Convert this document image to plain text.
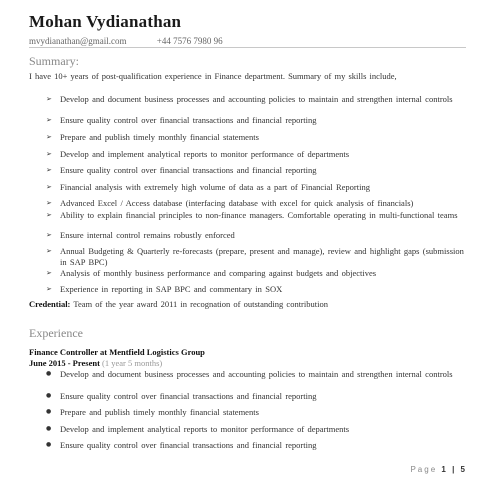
Mohan Vydianathan
mvydianathan@gmail.com	+44 7576 7980 96
Summary:
I have 10+ years of post-qualification experience in Finance department. Summary of my skills include,
➢ Develop and document business processes and accounting policies to maintain and strengthen internal controls
➢ Ensure quality control over financial transactions and financial reporting
➢ Prepare and publish timely monthly financial statements
➢ Develop and implement analytical reports to monitor performance of departments
➢ Ensure quality control over financial transactions and financial reporting
➢ Financial analysis with extremely high volume of data as a part of Financial Reporting
➢ Advanced Excel / Access database (interfacing database with excel for quick analysis of financials)
➢ Ability to explain financial principles to non-finance managers. Comfortable operating in multi-functional teams
➢ Ensure internal control remains robustly enforced
➢ Annual Budgeting & Quarterly re-forecasts (prepare, present and manage), review and highlight gaps (submission in SAP BPC)
➢ Analysis of monthly business performance and comparing against budgets and objectives
➢ Experience in reporting in SAP BPC and commentary in SOX
Credential: Team of the year award 2011 in recognation of outstanding contribution
Experience
Finance Controller at Mentfield Logistics Group
June 2015 - Present (1 year 5 months)
● Develop and document business processes and accounting policies to maintain and strengthen internal controls
● Ensure quality control over financial transactions and financial reporting
● Prepare and publish timely monthly financial statements
● Develop and implement analytical reports to monitor performance of departments
● Ensure quality control over financial transactions and financial reporting
Page 1 | 5
